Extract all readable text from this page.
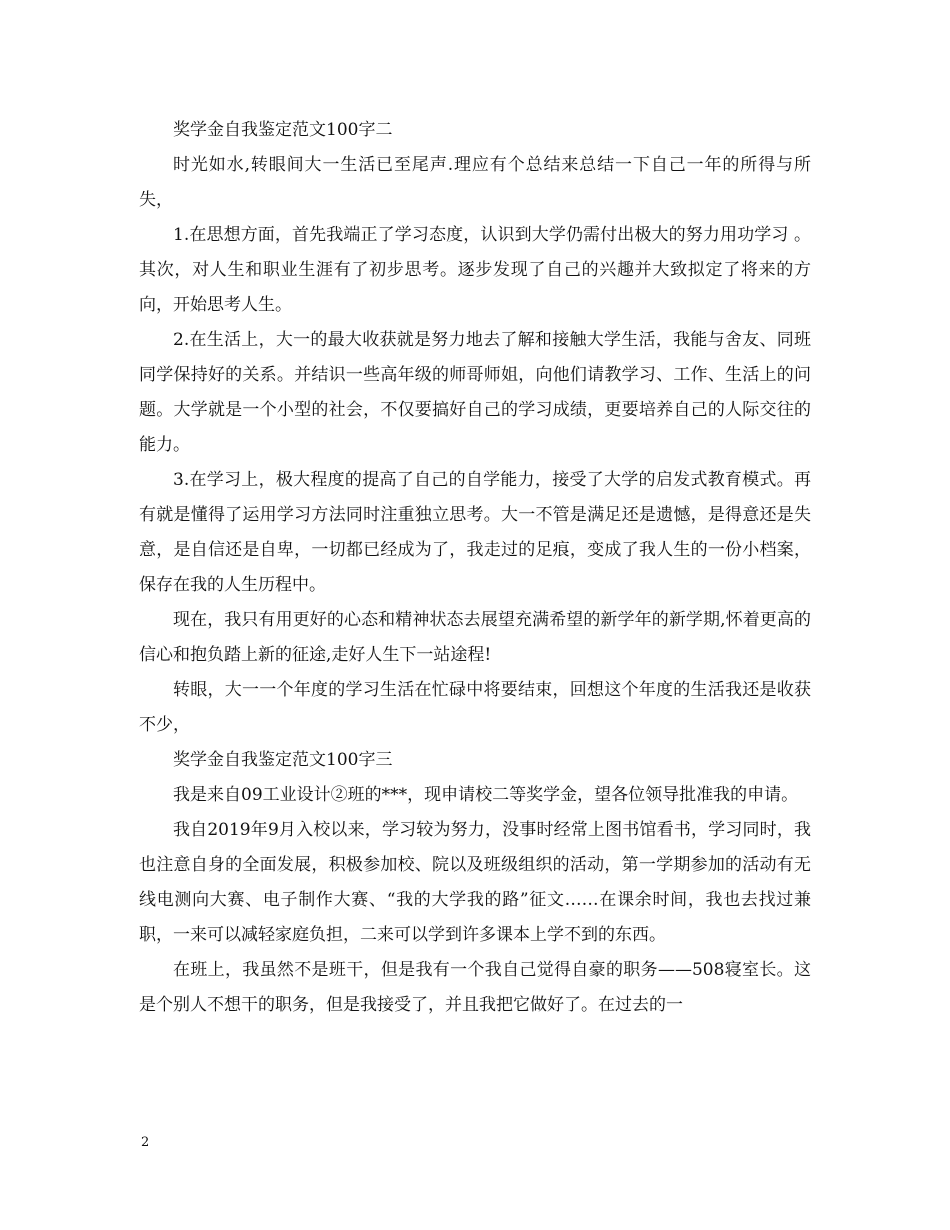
奖学金自我鉴定范文100字二

时光如水,转眼间大一生活已至尾声.理应有个总结来总结一下自己一年的所得与所失，

1.在思想方面，首先我端正了学习态度，认识到大学仍需付出极大的努力用功学习 。其次，对人生和职业生涯有了初步思考。逐步发现了自己的兴趣并大致拟定了将来的方向，开始思考人生。

2.在生活上，大一的最大收获就是努力地去了解和接触大学生活，我能与舍友、同班同学保持好的关系。并结识一些高年级的师哥师姐，向他们请教学习、工作、生活上的问题。大学就是一个小型的社会，不仅要搞好自己的学习成绩，更要培养自己的人际交往的能力。

3.在学习上，极大程度的提高了自己的自学能力，接受了大学的启发式教育模式。再有就是懂得了运用学习方法同时注重独立思考。大一不管是满足还是遗憾，是得意还是失意，是自信还是自卑，一切都已经成为了，我走过的足痕，变成了我人生的一份小档案，保存在我的人生历程中。

现在，我只有用更好的心态和精神状态去展望充满希望的新学年的新学期,怀着更高的信心和抱负踏上新的征途,走好人生下一站途程!

转眼，大一一个年度的学习生活在忙碌中将要结束，回想这个年度的生活我还是收获不少，

奖学金自我鉴定范文100字三

我是来自09工业设计②班的***，现申请校二等奖学金，望各位领导批准我的申请。

我自2019年9月入校以来，学习较为努力，没事时经常上图书馆看书，学习同时，我也注意自身的全面发展，积极参加校、院以及班级组织的活动，第一学期参加的活动有无线电测向大赛、电子制作大赛、“我的大学我的路”征文……在课余时间，我也去找过兼职，一来可以减轻家庭负担，二来可以学到许多课本上学不到的东西。

在班上，我虽然不是班干，但是我有一个我自己觉得自豪的职务——508寝室长。这是个别人不想干的职务，但是我接受了，并且我把它做好了。在过去的一

2
